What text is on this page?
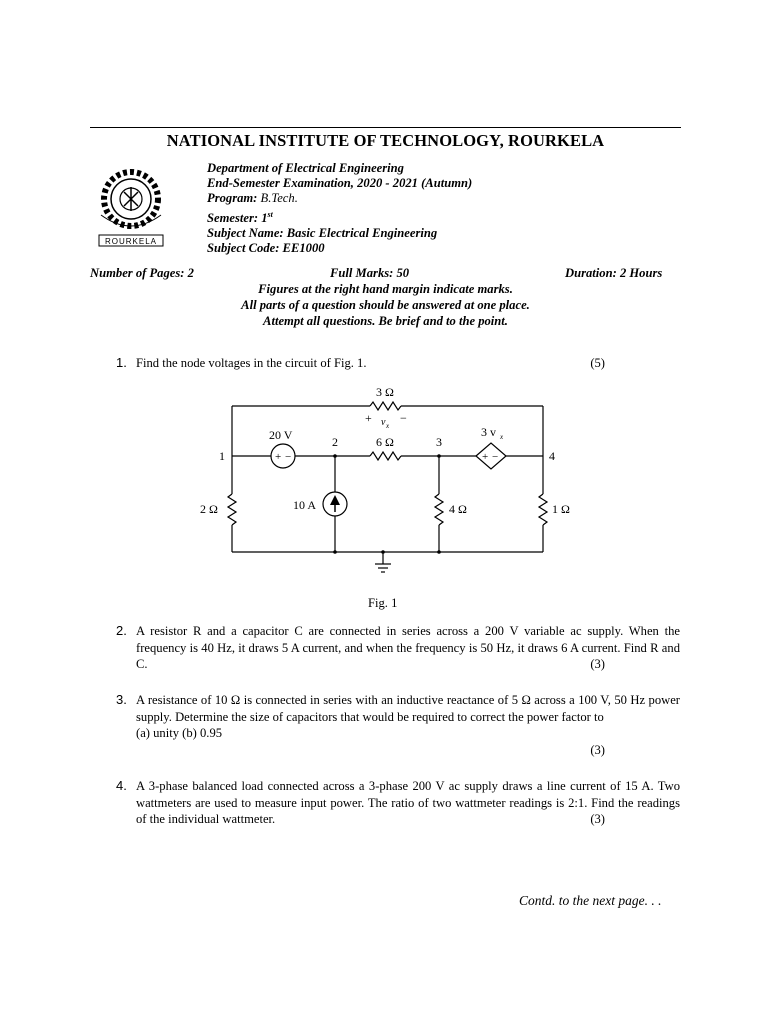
NATIONAL INSTITUTE OF TECHNOLOGY, ROURKELA
ROURKELA
Department of Electrical Engineering
End-Semester Examination, 2020 - 2021 (Autumn)
Program: B.Tech.
Semester: 1st
Subject Name: Basic Electrical Engineering
Subject Code: EE1000
Number of Pages: 2	Full Marks: 50	Duration: 2 Hours
Figures at the right hand margin indicate marks.
All parts of a question should be answered at one place.
Attempt all questions. Be brief and to the point.
1. Find the node voltages in the circuit of Fig. 1.	(5)
+ −	+ −
3 Ω
+ v x
−
20 V	6 Ω
3 v x
10 A
2 Ω	4 Ω	1 Ω
1
2	3
4
Fig. 1
2. A resistor R and a capacitor C are connected in series across a 200 V variable ac supply. When the frequency is 40 Hz, it draws 5 A current, and when the frequency is 50 Hz, it draws 6 A current. Find R and C.	(3)
3. A resistance of 10 Ω is connected in series with an inductive reactance of 5 Ω across a 100 V, 50 Hz power supply. Determine the size of capacitors that would be required to correct the power factor to
(a) unity (b) 0.95
(3)
4. A 3-phase balanced load connected across a 3-phase 200 V ac supply draws a line current of 15 A. Two wattmeters are used to measure input power. The ratio of two wattmeter readings is 2:1. Find the readings of the individual wattmeter.	(3)
Contd. to the next page. . .
